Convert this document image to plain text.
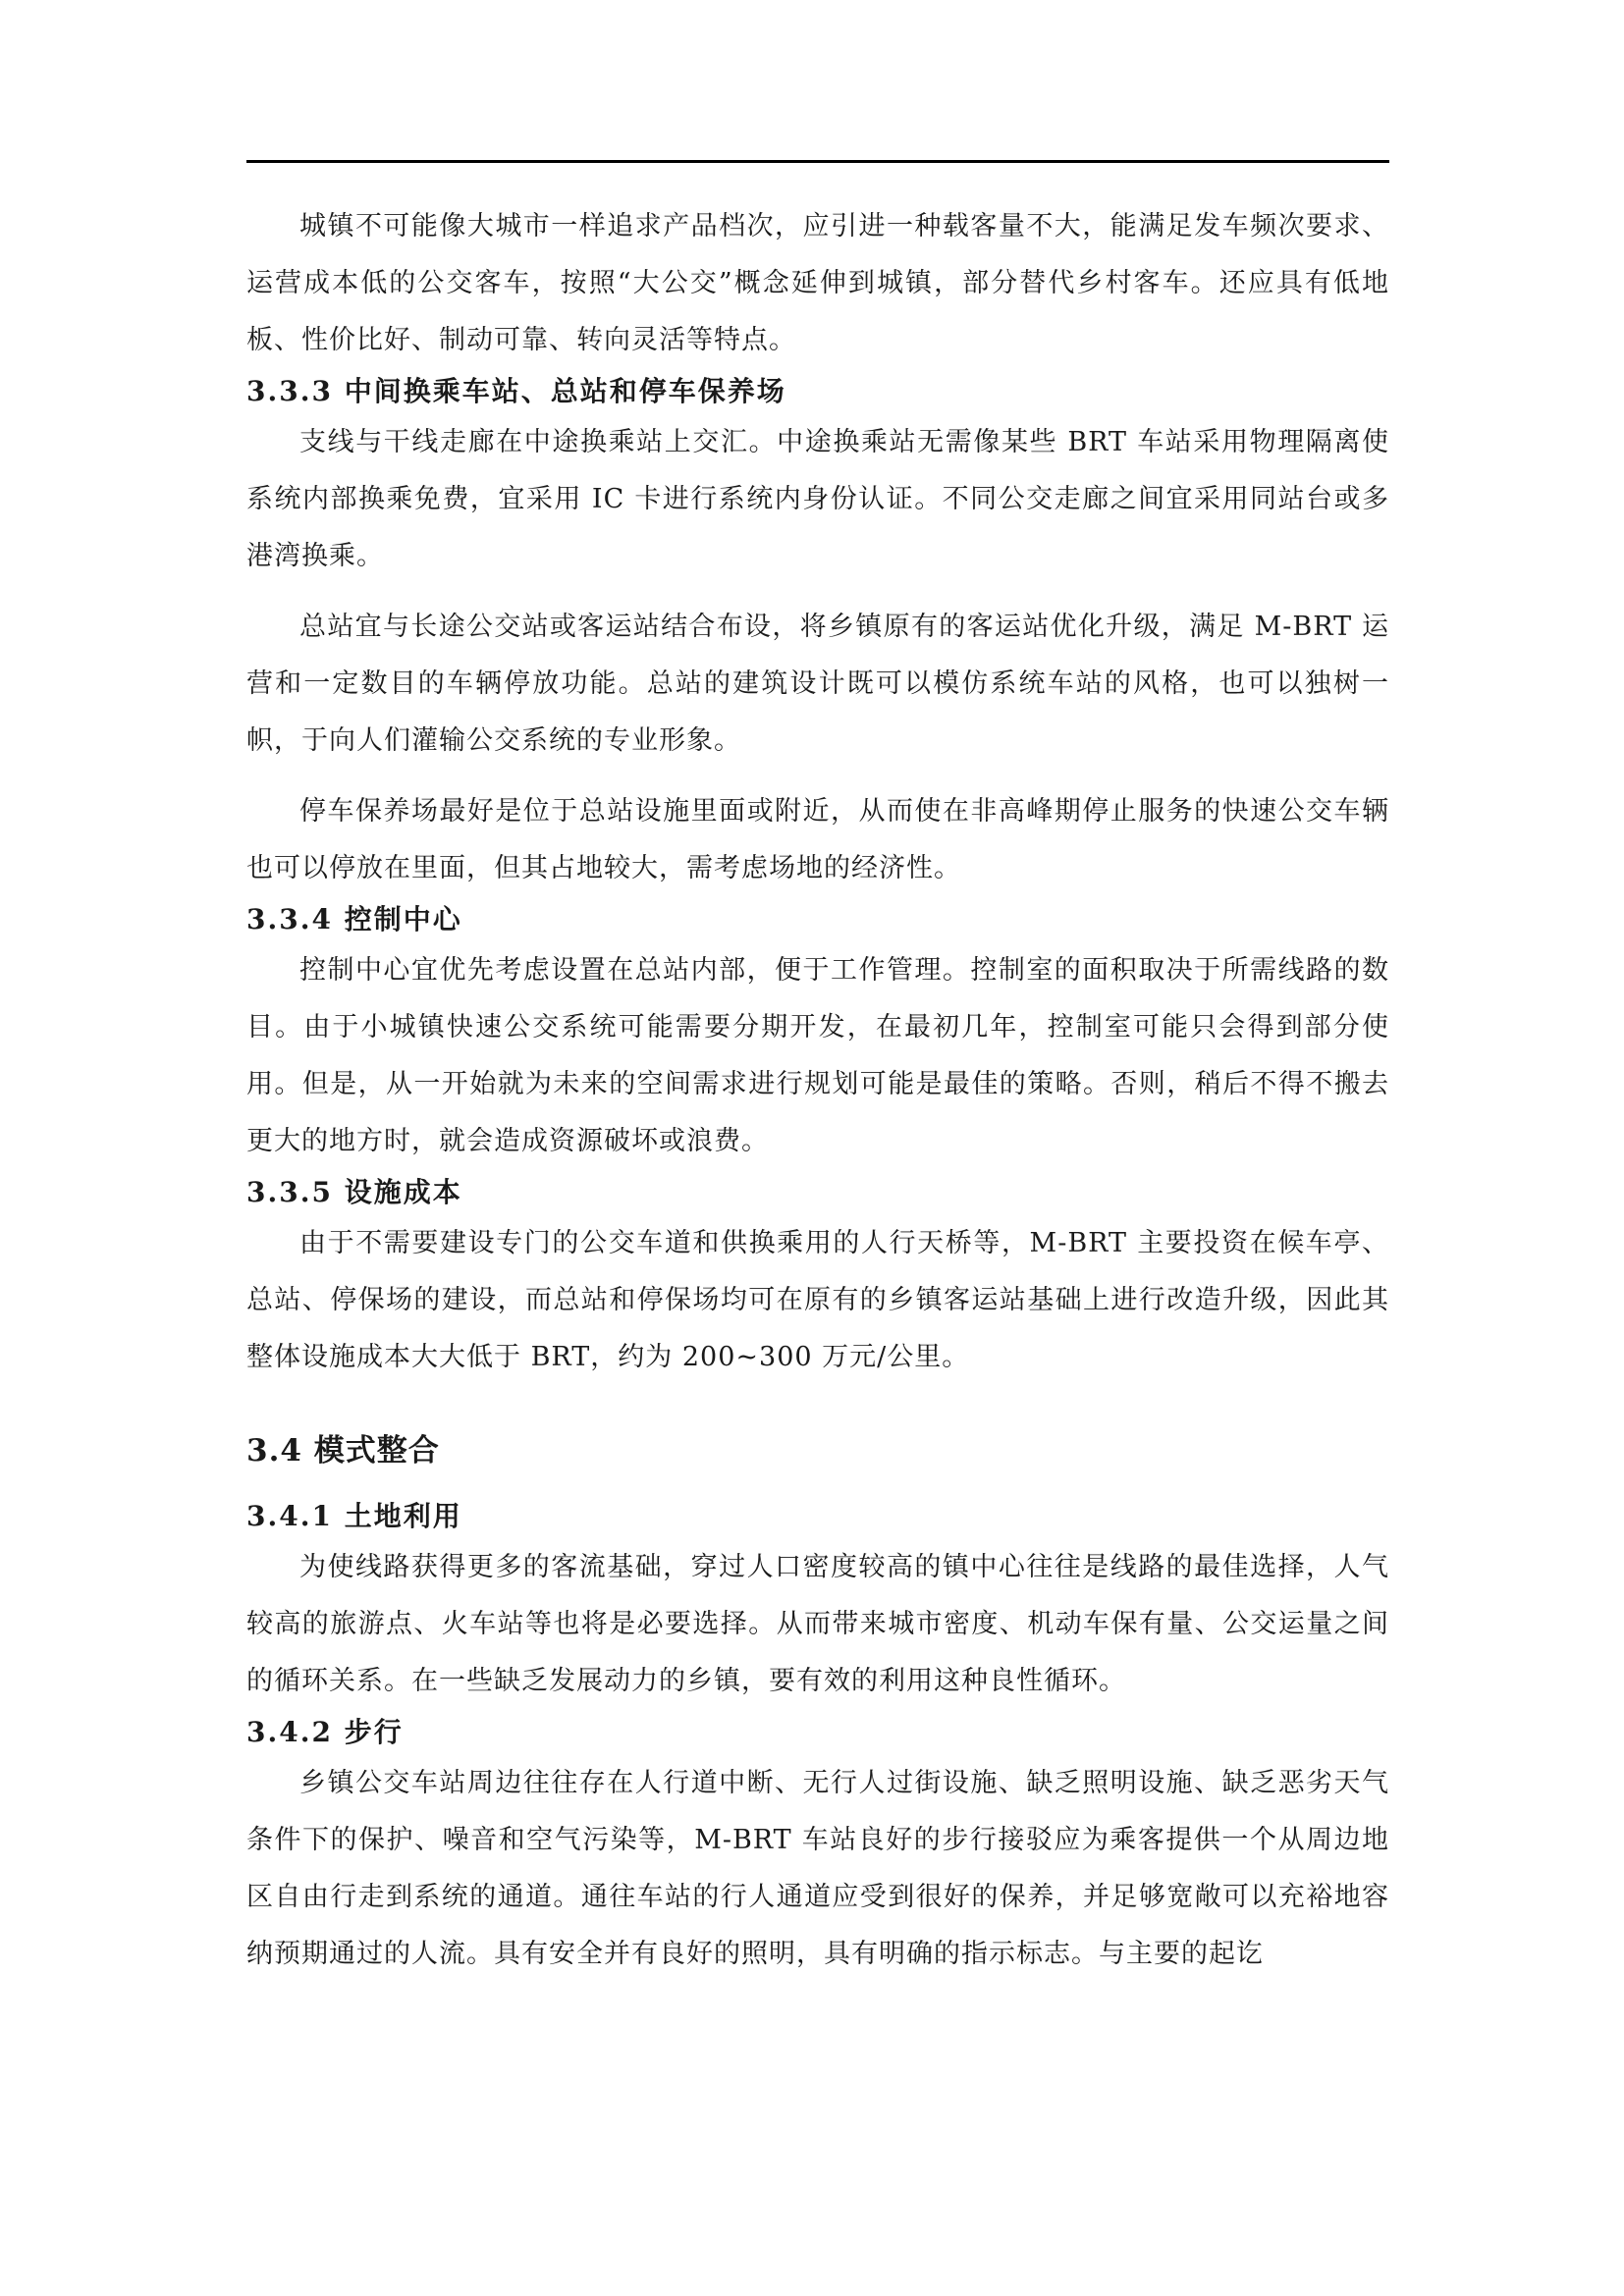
城镇不可能像大城市一样追求产品档次，应引进一种载客量不大，能满足发车频次要求、运营成本低的公交客车，按照“大公交”概念延伸到城镇，部分替代乡村客车。还应具有低地板、性价比好、制动可靠、转向灵活等特点。

3.3.3 中间换乘车站、总站和停车保养场

支线与干线走廊在中途换乘站上交汇。中途换乘站无需像某些 BRT 车站采用物理隔离使系统内部换乘免费，宜采用 IC 卡进行系统内身份认证。不同公交走廊之间宜采用同站台或多港湾换乘。

总站宜与长途公交站或客运站结合布设，将乡镇原有的客运站优化升级，满足 M-BRT 运营和一定数目的车辆停放功能。总站的建筑设计既可以模仿系统车站的风格，也可以独树一帜，于向人们灌输公交系统的专业形象。

停车保养场最好是位于总站设施里面或附近，从而使在非高峰期停止服务的快速公交车辆也可以停放在里面，但其占地较大，需考虑场地的经济性。

3.3.4 控制中心

控制中心宜优先考虑设置在总站内部，便于工作管理。控制室的面积取决于所需线路的数目。由于小城镇快速公交系统可能需要分期开发，在最初几年，控制室可能只会得到部分使用。但是，从一开始就为未来的空间需求进行规划可能是最佳的策略。否则，稍后不得不搬去更大的地方时，就会造成资源破坏或浪费。

3.3.5 设施成本

由于不需要建设专门的公交车道和供换乘用的人行天桥等，M-BRT 主要投资在候车亭、总站、停保场的建设，而总站和停保场均可在原有的乡镇客运站基础上进行改造升级，因此其整体设施成本大大低于 BRT，约为 200~300 万元/公里。

3.4 模式整合
3.4.1 土地利用

为使线路获得更多的客流基础，穿过人口密度较高的镇中心往往是线路的最佳选择，人气较高的旅游点、火车站等也将是必要选择。从而带来城市密度、机动车保有量、公交运量之间的循环关系。在一些缺乏发展动力的乡镇，要有效的利用这种良性循环。

3.4.2 步行

乡镇公交车站周边往往存在人行道中断、无行人过街设施、缺乏照明设施、缺乏恶劣天气条件下的保护、噪音和空气污染等，M-BRT 车站良好的步行接驳应为乘客提供一个从周边地区自由行走到系统的通道。通往车站的行人通道应受到很好的保养，并足够宽敞可以充裕地容纳预期通过的人流。具有安全并有良好的照明，具有明确的指示标志。与主要的起讫
